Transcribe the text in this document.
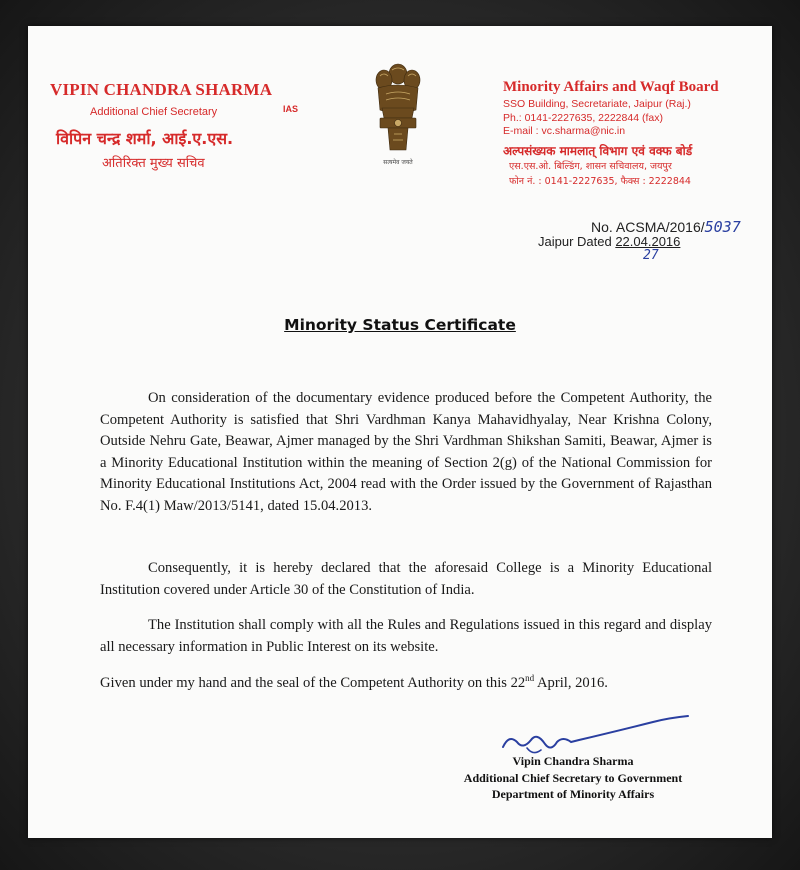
VIPIN CHANDRA SHARMA
IAS
Additional Chief Secretary
विपिन चन्द्र शर्मा, आई.ए.एस.
अतिरिक्त मुख्य सचिव	सत्यमेव जयते
Minority Affairs and Waqf Board
SSO Building, Secretariate, Jaipur (Raj.)
Ph.: 0141-2227635, 2222844 (fax)
E-mail : vc.sharma@nic.in
अल्पसंख्यक मामलात् विभाग एवं वक्फ बोर्ड
एस.एस.ओ. बिल्डिंग, शासन सचिवालय, जयपुर
फोन नं. : 0141-2227635, फैक्स : 2222844
No. ACSMA/2016/5037
Jaipur Dated 22.04.2016
27
Minority Status Certificate
On consideration of the documentary evidence produced before the Competent Authority, the Competent Authority is satisfied that Shri Vardhman Kanya Mahavidhyalay, Near Krishna Colony, Outside Nehru Gate, Beawar, Ajmer managed by the Shri Vardhman Shikshan Samiti, Beawar, Ajmer is a Minority Educational Institution within the meaning of Section 2(g) of the National Commission for Minority Educational Institutions Act, 2004 read with the Order issued by the Government of Rajasthan No. F.4(1) Maw/2013/5141, dated 15.04.2013.
Consequently, it is hereby declared that the aforesaid College is a Minority Educational Institution covered under Article 30 of the Constitution of India.
The Institution shall comply with all the Rules and Regulations issued in this regard and display all necessary information in Public Interest on its website.
Given under my hand and the seal of the Competent Authority on this 22nd April, 2016.
Vipin Chandra Sharma
Additional Chief Secretary to Government
Department of Minority Affairs
